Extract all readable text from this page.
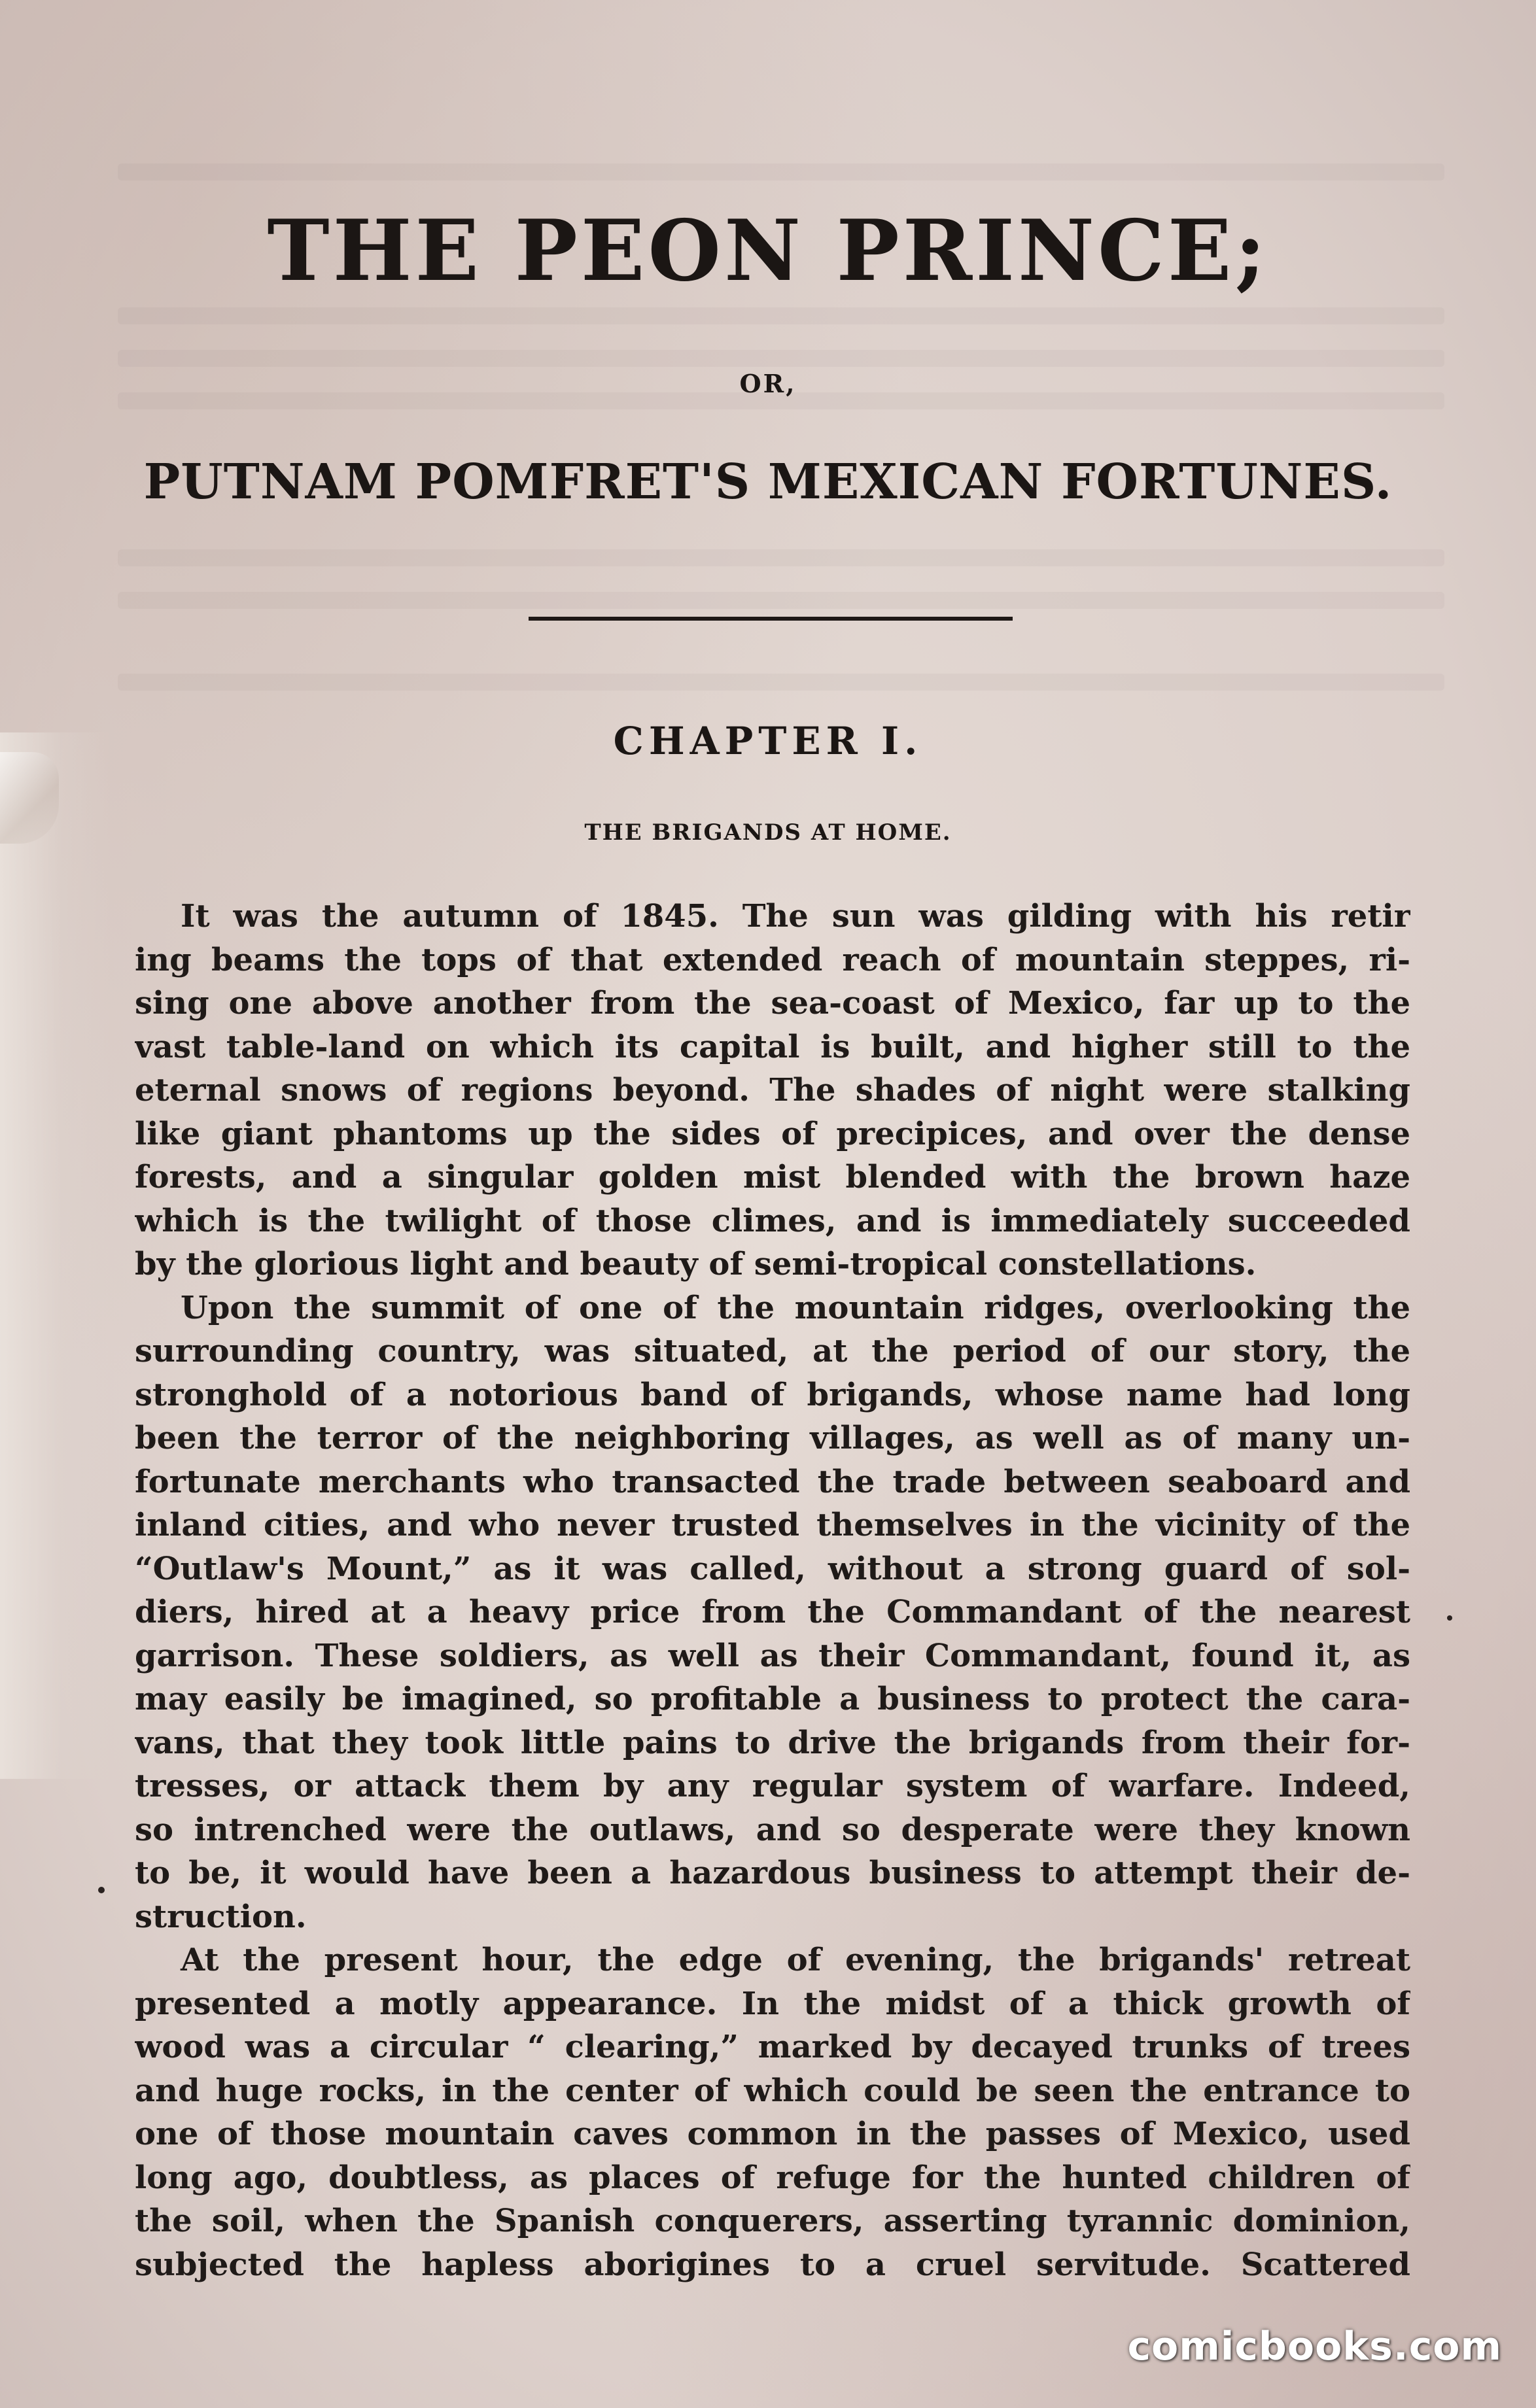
THE PEON PRINCE;
OR,
PUTNAM POMFRET'S MEXICAN FORTUNES.
CHAPTER I.
THE BRIGANDS AT HOME.
It was the autumn of 1845. The sun was gilding with his retir
ing beams the tops of that extended reach of mountain steppes, ri-
sing one above another from the sea-coast of Mexico, far up to the
vast table-land on which its capital is built, and higher still to the
eternal snows of regions beyond. The shades of night were stalking
like giant phantoms up the sides of precipices, and over the dense
forests, and a singular golden mist blended with the brown haze
which is the twilight of those climes, and is immediately succeeded
by the glorious light and beauty of semi-tropical constellations.
Upon the summit of one of the mountain ridges, overlooking the
surrounding country, was situated, at the period of our story, the
stronghold of a notorious band of brigands, whose name had long
been the terror of the neighboring villages, as well as of many un-
fortunate merchants who transacted the trade between seaboard and
inland cities, and who never trusted themselves in the vicinity of the
“Outlaw's Mount,” as it was called, without a strong guard of sol-
diers, hired at a heavy price from the Commandant of the nearest
garrison. These soldiers, as well as their Commandant, found it, as
may easily be imagined, so profitable a business to protect the cara-
vans, that they took little pains to drive the brigands from their for-
tresses, or attack them by any regular system of warfare. Indeed,
so intrenched were the outlaws, and so desperate were they known
to be, it would have been a hazardous business to attempt their de-
struction.
At the present hour, the edge of evening, the brigands' retreat
presented a motly appearance. In the midst of a thick growth of
wood was a circular “ clearing,” marked by decayed trunks of trees
and huge rocks, in the center of which could be seen the entrance to
one of those mountain caves common in the passes of Mexico, used
long ago, doubtless, as places of refuge for the hunted children of
the soil, when the Spanish conquerers, asserting tyrannic dominion,
subjected the hapless aborigines to a cruel servitude. Scattered
comicbooks.com
